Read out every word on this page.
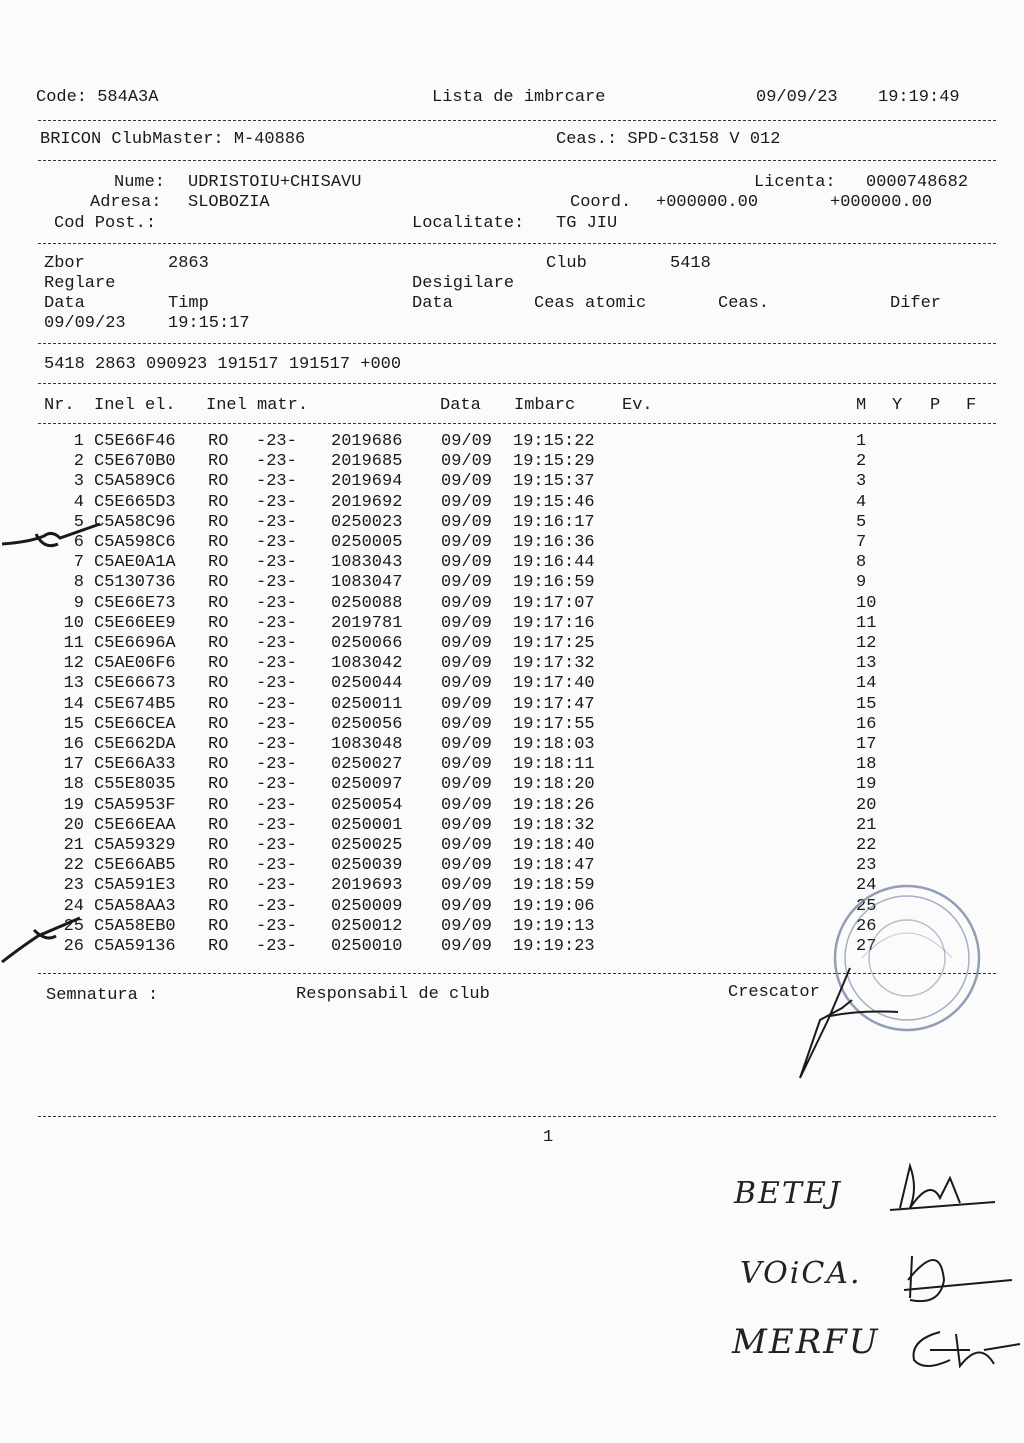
Code: 584A3A	Lista de imbrcare	09/09/23 19:19:49
BRICON ClubMaster: M-40886	Ceas.: SPD-C3158 V 012
Nume: UDRISTOIU+CHISAVU	Licenta: 0000748682
Adresa: SLOBOZIA	Coord. +000000.00	+000000.00
Cod Post.:	Localitate: TG JIU
Zbor	2863	Club	5418
Reglare	Desigilare
Data	Timp	Data	Ceas atomic	Ceas.	Difer
09/09/23 19:15:17
5418 2863 090923 191517 191517 +000
Nr. Inel el. Inel matr.	Data Imbarc	Ev.	M Y P F
1 C5E66F46 RO -23- 2019686 09/09 19:15:22	1
2 C5E670B0 RO -23- 2019685 09/09 19:15:29	2
3 C5A589C6 RO -23- 2019694 09/09 19:15:37	3
4 C5E665D3 RO -23- 2019692 09/09 19:15:46	4
5 C5A58C96 RO -23- 0250023 09/09 19:16:17	5
6 C5A598C6 RO -23- 0250005 09/09 19:16:36	7
7 C5AE0A1A RO -23- 1083043 09/09 19:16:44	8
8 C5130736 RO -23- 1083047 09/09 19:16:59	9
9 C5E66E73 RO -23- 0250088 09/09 19:17:07	10
10 C5E66EE9 RO -23- 2019781 09/09 19:17:16	11
11 C5E6696A RO -23- 0250066 09/09 19:17:25	12
12 C5AE06F6 RO -23- 1083042 09/09 19:17:32	13
13 C5E66673 RO -23- 0250044 09/09 19:17:40	14
14 C5E674B5 RO -23- 0250011 09/09 19:17:47	15
15 C5E66CEA RO -23- 0250056 09/09 19:17:55	16
16 C5E662DA RO -23- 1083048 09/09 19:18:03	17
17 C5E66A33 RO -23- 0250027 09/09 19:18:11	18
18 C55E8035 RO -23- 0250097 09/09 19:18:20	19
19 C5A5953F RO -23- 0250054 09/09 19:18:26	20
20 C5E66EAA RO -23- 0250001 09/09 19:18:32	21
21 C5A59329 RO -23- 0250025 09/09 19:18:40	22
22 C5E66AB5 RO -23- 0250039 09/09 19:18:47	23
23 C5A591E3 RO -23- 2019693 09/09 19:18:59	24
24 C5A58AA3 RO -23- 0250009 09/09 19:19:06	25
25 C5A58EB0 RO -23- 0250012 09/09 19:19:13	26
26 C5A59136 RO -23- 0250010 09/09 19:19:23	27
Semnatura :	Responsabil de club	Crescator
1
BETEJ
VOiCA.
MERFU
